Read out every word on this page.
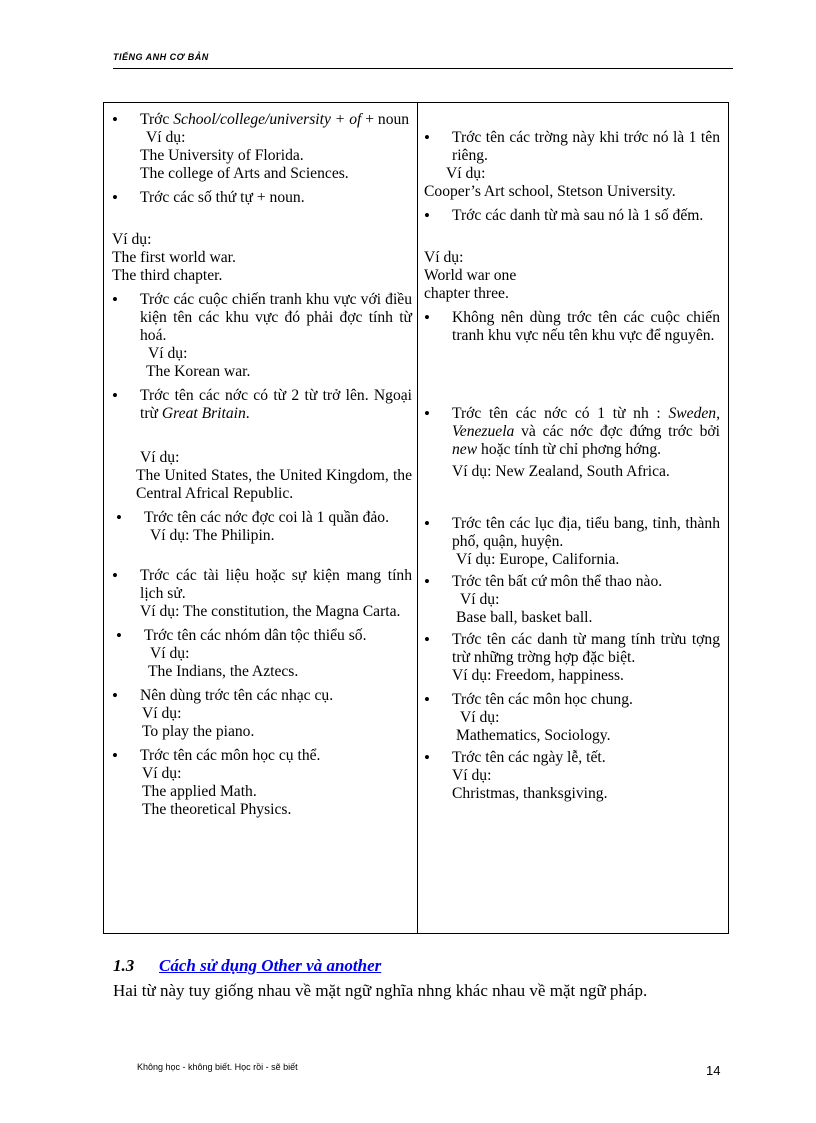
TIẾNG ANH CƠ BẢN
• Trớc School/college/university + of + noun
Ví dụ:
The University of Florida.
The college of Arts and Sciences.
• Trớc các số thứ tự + noun.
Ví dụ:
The first world war.
The third chapter.
• Trớc các cuộc chiến tranh khu vực với điều kiện tên các khu vực đó phải đợc tính từ hoá.
Ví dụ:
The Korean war.
• Trớc tên các nớc có từ 2 từ trở lên. Ngoại trừ Great Britain.
Ví dụ:
The United States, the United Kingdom, the Central Africal Republic.
• Trớc tên các nớc đợc coi là 1 quần đảo.
Ví dụ: The Philipin.
• Trớc các tài liệu hoặc sự kiện mang tính lịch sử.
Ví dụ: The constitution, the Magna Carta.
• Trớc tên các nhóm dân tộc thiểu số.
Ví dụ:
The Indians, the Aztecs.
• Nên dùng trớc tên các nhạc cụ.
Ví dụ:
To play the piano.
• Trớc tên các môn học cụ thể.
Ví dụ:
The applied Math.
The theoretical Physics.
• Trớc tên các trờng này khi trớc nó là 1 tên riêng.
Ví dụ:
Cooper’s Art school, Stetson University.
• Trớc các danh từ mà sau nó là 1 số đếm.
Ví dụ:
World war one
chapter three.
• Không nên dùng trớc tên các cuộc chiến tranh khu vực nếu tên khu vực để nguyên.
• Trớc tên các nớc có 1 từ nh : Sweden, Venezuela và các nớc đợc đứng trớc bởi new hoặc tính từ chỉ phơng hớng.
Ví dụ: New Zealand, South Africa.
• Trớc tên các lục địa, tiểu bang, tỉnh, thành phố, quận, huyện.
Ví dụ: Europe, California.
• Trớc tên bất cứ môn thể thao nào.
Ví dụ:
Base ball, basket ball.
• Trớc tên các danh từ mang tính trừu tợng trừ những trờng hợp đặc biệt.
Ví dụ: Freedom, happiness.
• Trớc tên các môn học chung.
Ví dụ:
Mathematics, Sociology.
• Trớc tên các ngày lễ, tết.
Ví dụ:
Christmas, thanksgiving.
1.3 Cách sử dụng Other và another
Hai từ này tuy giống nhau về mặt ngữ nghĩa nhng khác nhau về mặt ngữ pháp.
Không học - không biết. Học rồi - sẽ biết	14
